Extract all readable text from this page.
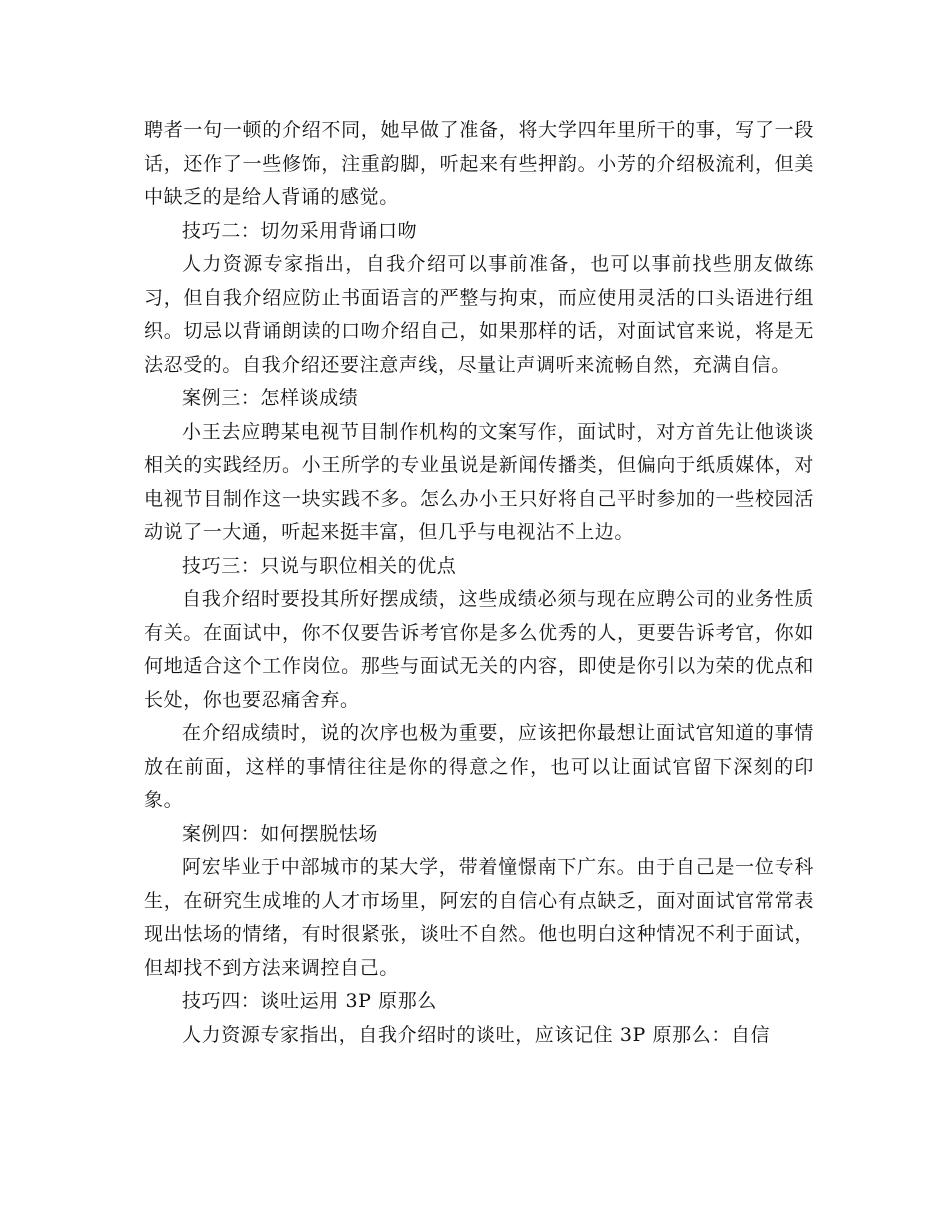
聘者一句一顿的介绍不同，她早做了准备，将大学四年里所干的事，写了一段话，还作了一些修饰，注重韵脚，听起来有些押韵。小芳的介绍极流利，但美中缺乏的是给人背诵的感觉。

技巧二：切勿采用背诵口吻

人力资源专家指出，自我介绍可以事前准备，也可以事前找些朋友做练习，但自我介绍应防止书面语言的严整与拘束，而应使用灵活的口头语进行组织。切忌以背诵朗读的口吻介绍自己，如果那样的话，对面试官来说，将是无法忍受的。自我介绍还要注意声线，尽量让声调听来流畅自然，充满自信。

案例三：怎样谈成绩

小王去应聘某电视节目制作机构的文案写作，面试时，对方首先让他谈谈相关的实践经历。小王所学的专业虽说是新闻传播类，但偏向于纸质媒体，对电视节目制作这一块实践不多。怎么办小王只好将自己平时参加的一些校园活动说了一大通，听起来挺丰富，但几乎与电视沾不上边。

技巧三：只说与职位相关的优点

自我介绍时要投其所好摆成绩，这些成绩必须与现在应聘公司的业务性质有关。在面试中，你不仅要告诉考官你是多么优秀的人，更要告诉考官，你如何地适合这个工作岗位。那些与面试无关的内容，即使是你引以为荣的优点和长处，你也要忍痛舍弃。

在介绍成绩时，说的次序也极为重要，应该把你最想让面试官知道的事情放在前面，这样的事情往往是你的得意之作，也可以让面试官留下深刻的印象。

案例四：如何摆脱怯场

阿宏毕业于中部城市的某大学，带着憧憬南下广东。由于自己是一位专科生，在研究生成堆的人才市场里，阿宏的自信心有点缺乏，面对面试官常常表现出怯场的情绪，有时很紧张，谈吐不自然。他也明白这种情况不利于面试，但却找不到方法来调控自己。

技巧四：谈吐运用 3P 原那么

人力资源专家指出，自我介绍时的谈吐，应该记住 3P 原那么：自信
